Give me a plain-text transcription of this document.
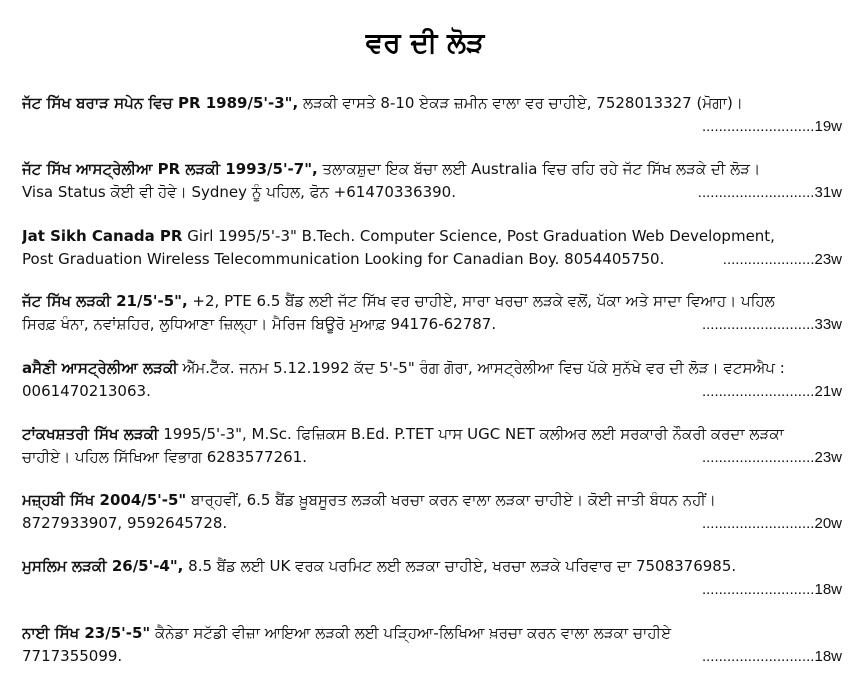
ਵਰ ਦੀ ਲੋੜ
ਜੱਟ ਸਿੱਖ ਬਰਾੜ ਸਪੇਨ ਵਿਚ PR 1989/5'-3", ਲੜਕੀ ਵਾਸਤੇ 8-10 ਏਕੜ ਜ਼ਮੀਨ ਵਾਲਾ ਵਰ ਚਾਹੀਏ, 7528013327 (ਮੋਗਾ)।
...........................19w
ਜੱਟ ਸਿੱਖ ਆਸਟ੍ਰੇਲੀਆ PR ਲੜਕੀ 1993/5'-7", ਤਲਾਕਸ਼ੁਦਾ ਇਕ ਬੱਚਾ ਲਈ Australia ਵਿਚ ਰਹਿ ਰਹੇ ਜੱਟ ਸਿੱਖ ਲੜਕੇ ਦੀ ਲੋੜ।
Visa Status ਕੋਈ ਵੀ ਹੋਵੇ। Sydney ਨੂੰ ਪਹਿਲ, ਫੋਨ +61470336390.	............................31w
Jat Sikh Canada PR Girl 1995/5'-3" B.Tech. Computer Science, Post Graduation Web Development,
Post Graduation Wireless Telecommunication Looking for Canadian Boy. 8054405750.	......................23w
ਜੱਟ ਸਿੱਖ ਲੜਕੀ 21/5'-5", +2, PTE 6.5 ਬੈਂਡ ਲਈ ਜੱਟ ਸਿੱਖ ਵਰ ਚਾਹੀਏ, ਸਾਰਾ ਖਰਚਾ ਲੜਕੇ ਵਲੋਂ, ਪੱਕਾ ਅਤੇ ਸਾਦਾ ਵਿਆਹ। ਪਹਿਲ
ਸਿਰਫ਼ ਖੰਨਾ, ਨਵਾਂਸ਼ਹਿਰ, ਲੁਧਿਆਣਾ ਜ਼ਿਲ੍ਹਾ। ਮੈਰਿਜ ਬਿਊਰੋ ਮੁਆਫ਼ 94176-62787.	...........................33w
aਸੈਣੀ ਆਸਟ੍ਰੇਲੀਆ ਲੜਕੀ ਐੱਮ.ਟੈੱਕ. ਜਨਮ 5.12.1992 ਕੱਦ 5'-5" ਰੰਗ ਗੋਰਾ, ਆਸਟ੍ਰੇਲੀਆ ਵਿਚ ਪੱਕੇ ਸੁਨੱਖੇ ਵਰ ਦੀ ਲੋੜ। ਵਟਸਐਪ :
0061470213063.	...........................21w
ਟਾਂਕਖਸ਼ਤਰੀ ਸਿੱਖ ਲੜਕੀ 1995/5'-3", M.Sc. ਫਿਜ਼ਿਕਸ B.Ed. P.TET ਪਾਸ UGC NET ਕਲੀਅਰ ਲਈ ਸਰਕਾਰੀ ਨੌਕਰੀ ਕਰਦਾ ਲੜਕਾ
ਚਾਹੀਏ। ਪਹਿਲ ਸਿੱਖਿਆ ਵਿਭਾਗ 6283577261.	...........................23w
ਮਜ਼੍ਹਬੀ ਸਿੱਖ 2004/5'-5" ਬਾਰ੍ਹਵੀਂ, 6.5 ਬੈਂਡ ਖ਼ੂਬਸੂਰਤ ਲੜਕੀ ਖਰਚਾ ਕਰਨ ਵਾਲਾ ਲੜਕਾ ਚਾਹੀਏ। ਕੋਈ ਜਾਤੀ ਬੰਧਨ ਨਹੀਂ।
8727933907, 9592645728.	...........................20w
ਮੁਸਲਿਮ ਲੜਕੀ 26/5'-4", 8.5 ਬੈਂਡ ਲਈ UK ਵਰਕ ਪਰਮਿਟ ਲਈ ਲੜਕਾ ਚਾਹੀਏ, ਖਰਚਾ ਲੜਕੇ ਪਰਿਵਾਰ ਦਾ 7508376985.
...........................18w
ਨਾਈ ਸਿੱਖ 23/5'-5" ਕੈਨੇਡਾ ਸਟੱਡੀ ਵੀਜ਼ਾ ਆਇਆ ਲੜਕੀ ਲਈ ਪੜ੍ਹਿਆ-ਲਿਖਿਆ ਖ਼ਰਚਾ ਕਰਨ ਵਾਲਾ ਲੜਕਾ ਚਾਹੀਏ
7717355099.	...........................18w
